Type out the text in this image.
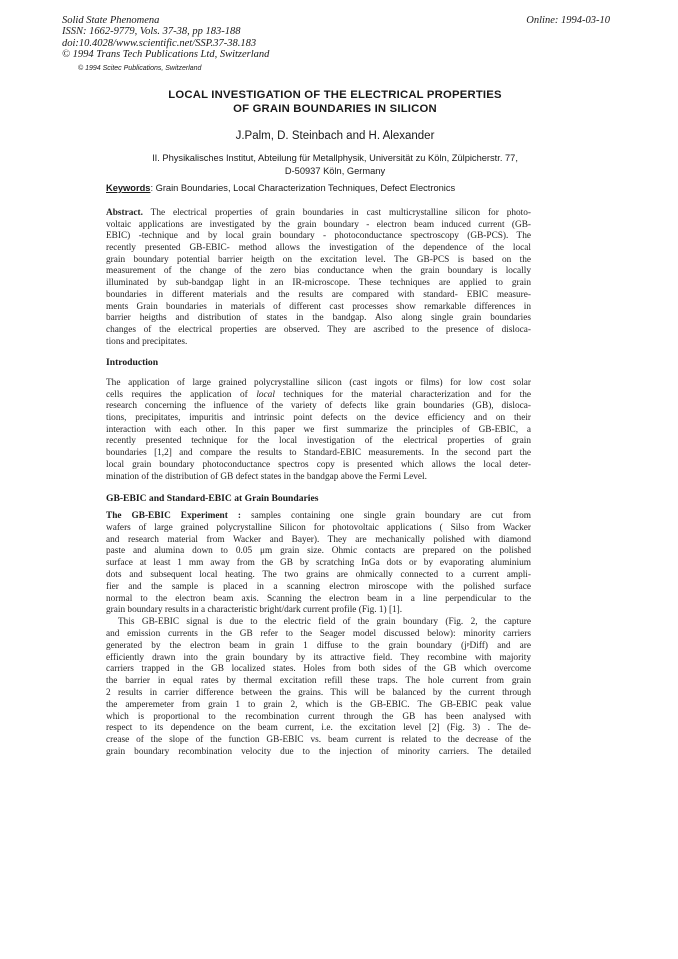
Solid State Phenomena
ISSN: 1662-9779, Vols. 37-38, pp 183-188
doi:10.4028/www.scientific.net/SSP.37-38.183
© 1994 Trans Tech Publications Ltd, Switzerland
Online: 1994-03-10
© 1994 Scitec Publications, Switzerland
LOCAL INVESTIGATION OF THE ELECTRICAL PROPERTIES
OF GRAIN BOUNDARIES IN SILICON
J.Palm, D. Steinbach and H. Alexander
II. Physikalisches Institut, Abteilung für Metallphysik, Universität zu Köln, Zülpicherstr. 77,
D-50937 Köln, Germany
Keywords: Grain Boundaries, Local Characterization Techniques, Defect Electronics
Abstract. The electrical properties of grain boundaries in cast multicrystalline silicon for photo-
voltaic applications are investigated by the grain boundary - electron beam induced current (GB-
EBIC) -technique and by local grain boundary - photoconductance spectroscopy (GB-PCS). The
recently presented GB-EBIC- method allows the investigation of the dependence of the local
grain boundary potential barrier heigth on the excitation level. The GB-PCS is based on the
measurement of the change of the zero bias conductance when the grain boundary is locally
illuminated by sub-bandgap light in an IR-microscope. These techniques are applied to grain
boundaries in different materials and the results are compared with standard- EBIC measure-
ments Grain boundaries in materials of different cast processes show remarkable differences in
barrier heigths and distribution of states in the bandgap. Also along single grain boundaries
changes of the electrical properties are observed. They are ascribed to the presence of disloca-
tions and precipitates.
Introduction
The application of large grained polycrystalline silicon (cast ingots or films) for low cost solar
cells requires the application of local techniques for the material characterization and for the
research concerning the influence of the variety of defects like grain boundaries (GB), disloca-
tions, precipitates, impuritis and intrinsic point defects on the device efficiency and on their
interaction with each other. In this paper we first summarize the principles of GB-EBIC, a
recently presented technique for the local investigation of the electrical properties of grain
boundaries [1,2] and compare the results to Standard-EBIC measurements. In the second part the
local grain boundary photoconductance spectros copy is presented which allows the local deter-
mination of the distribution of GB defect states in the bandgap above the Fermi Level.
GB-EBIC and Standard-EBIC at Grain Boundaries
The GB-EBIC Experiment : samples containing one single grain boundary are cut from
wafers of large grained polycrystalline Silicon for photovoltaic applications ( Silso from Wacker
and research material from Wacker and Bayer). They are mechanically polished with diamond
paste and alumina down to 0.05 μm grain size. Ohmic contacts are prepared on the polished
surface at least 1 mm away from the GB by scratching InGa dots or by evaporating aluminium
dots and subsequent local heating. The two grains are ohmically connected to a current ampli-
fier and the sample is placed in a scanning electron miroscope with the polished surface
normal to the electron beam axis. Scanning the electron beam in a line perpendicular to the
grain boundary results in a characteristic bright/dark current profile (Fig. 1) [1].
This GB-EBIC signal is due to the electric field of the grain boundary (Fig. 2, the capture
and emission currents in the GB refer to the Seager model discussed below): minority carriers
generated by the electron beam in grain 1 diffuse to the grain boundary (jᵖDiff) and are
efficiently drawn into the grain boundary by its attractive field. They recombine with majority
carriers trapped in the GB localized states. Holes from both sides of the GB which overcome
the barrier in equal rates by thermal excitation refill these traps. The hole current from grain
2 results in carrier difference between the grains. This will be balanced by the current through
the amperemeter from grain 1 to grain 2, which is the GB-EBIC. The GB-EBIC peak value
which is proportional to the recombination current through the GB has been analysed with
respect to its dependence on the beam current, i.e. the excitation level [2] (Fig. 3) . The de-
crease of the slope of the function GB-EBIC vs. beam current is related to the decrease of the
grain boundary recombination velocity due to the injection of minority carriers. The detailed
